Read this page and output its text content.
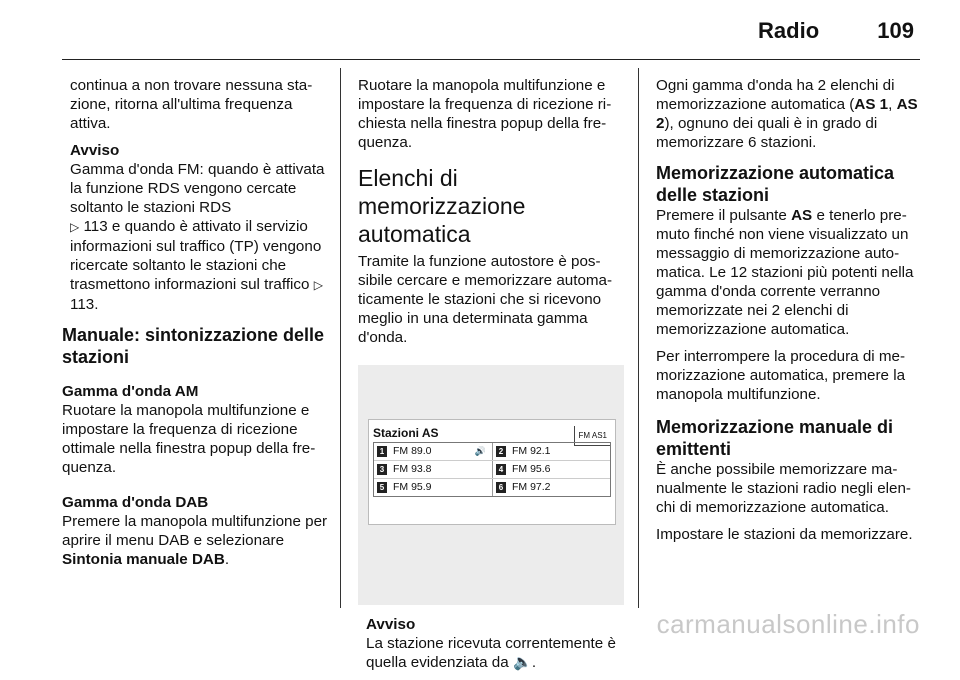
Radio	109

continua a non trovare nessuna stazione, ritorna all'ultima frequenza attiva.

Avviso

Gamma d'onda FM: quando è attivata la funzione RDS vengono cercate soltanto le stazioni RDS
▷ 113 e quando è attivato il servizio informazioni sul traffico (TP) vengono ricercate soltanto le stazioni che trasmettono informazioni sul traffico ▷ 113.

Manuale: sintonizzazione delle stazioni
Gamma d'onda AM

Ruotare la manopola multifunzione e impostare la frequenza di ricezione ottimale nella finestra popup della frequenza.

Gamma d'onda DAB

Premere la manopola multifunzione per aprire il menu DAB e selezionare Sintonia manuale DAB.

Ruotare la manopola multifunzione e impostare la frequenza di ricezione richiesta nella finestra popup della frequenza.

Elenchi di memorizzazione automatica

Tramite la funzione autostore è possibile cercare e memorizzare automaticamente le stazioni che si ricevono meglio in una determinata gamma d'onda.

Stazioni AS	FM AS1
1 FM 89.0	🔊	2 FM 92.1
3 FM 93.8	4 FM 95.6
5 FM 95.9	6 FM 97.2
Avviso

La stazione ricevuta correntemente è quella evidenziata da 🔈.

Ogni gamma d'onda ha 2 elenchi di memorizzazione automatica (AS 1, AS 2), ognuno dei quali è in grado di memorizzare 6 stazioni.

Memorizzazione automatica delle stazioni

Premere il pulsante AS e tenerlo premuto finché non viene visualizzato un messaggio di memorizzazione automatica. Le 12 stazioni più potenti nella gamma d'onda corrente verranno memorizzate nei 2 elenchi di memorizzazione automatica.

Per interrompere la procedura di memorizzazione automatica, premere la manopola multifunzione.

Memorizzazione manuale di emittenti

È anche possibile memorizzare manualmente le stazioni radio negli elenchi di memorizzazione automatica.

Impostare le stazioni da memorizzare.

carmanualsonline.info
